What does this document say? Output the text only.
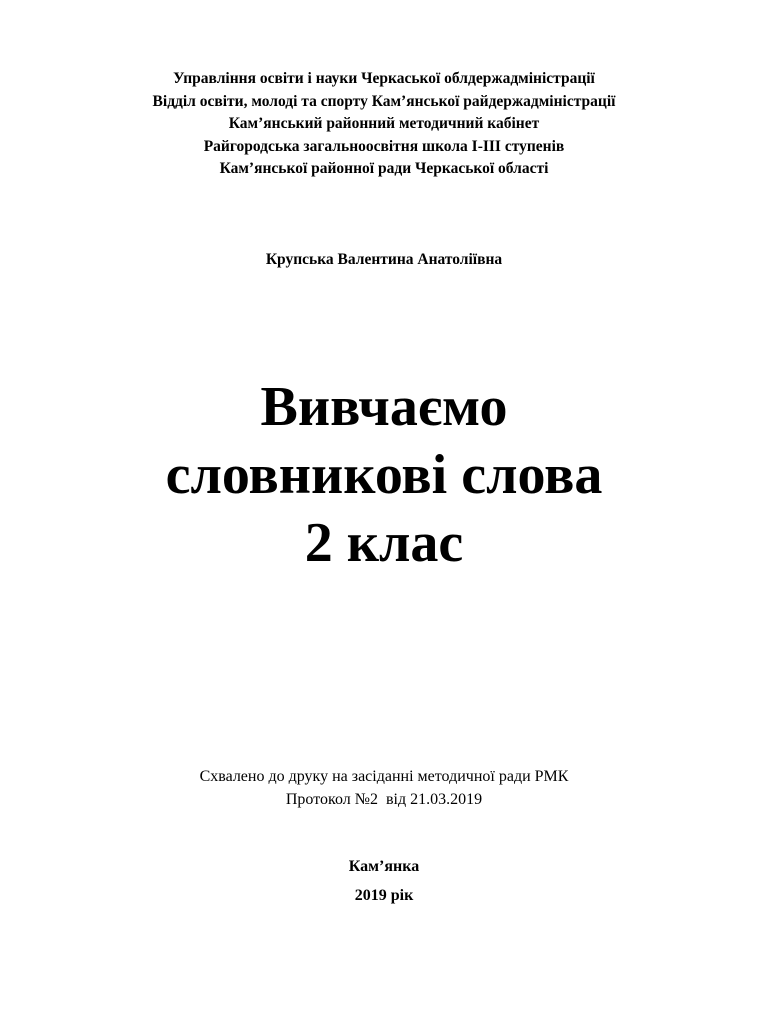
Управління освіти і науки Черкаської облдержадміністрації
Відділ освіти, молоді та спорту Кам’янської райдержадміністрації
Кам’янський районний методичний кабінет
Райгородська загальноосвітня школа І-ІІІ ступенів
Кам’янської районної ради Черкаської області
Крупська Валентина Анатоліївна
Вивчаємо
словникові слова
2 клас
Схвалено до друку на засіданні методичної ради РМК
Протокол №2  від 21.03.2019
Кам’янка
2019 рік
